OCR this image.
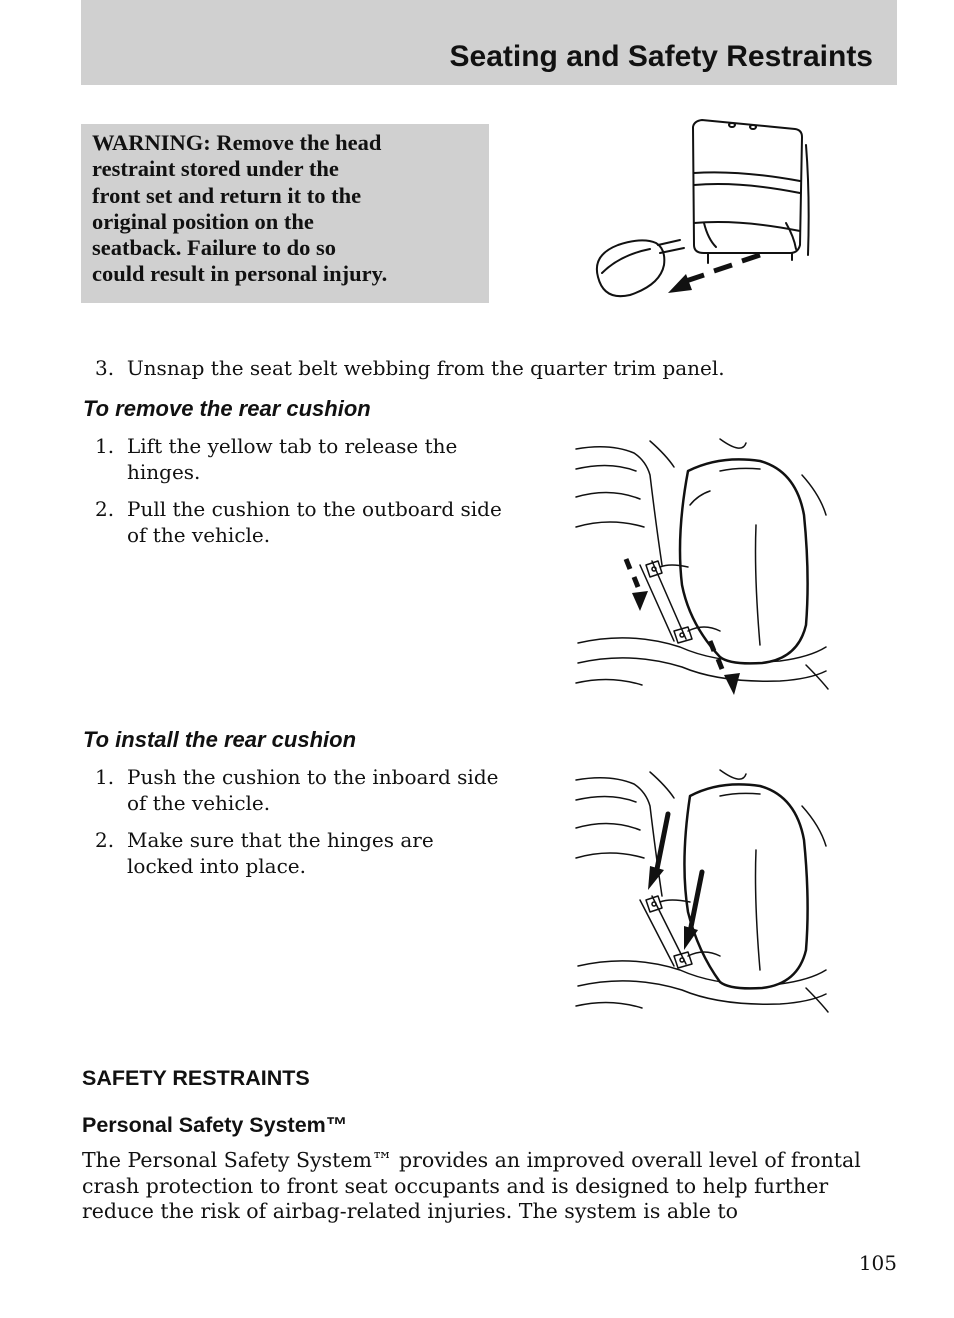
Seating and Safety Restraints

WARNING: Remove the head
restraint stored under the
front set and return it to the
original position on the
seatback. Failure to do so
could result in personal injury.

3. Unsnap the seat belt webbing from the quarter trim panel.
To remove the rear cushion
1. Lift the yellow tab to release the hinges.
2. Pull the cushion to the outboard side of the vehicle.
To install the rear cushion
1. Push the cushion to the inboard side of the vehicle.
2. Make sure that the hinges are locked into place.
SAFETY RESTRAINTS
Personal Safety System™
The Personal Safety System™ provides an improved overall level of frontal crash protection to front seat occupants and is designed to help further reduce the risk of airbag-related injuries. The system is able to
105
